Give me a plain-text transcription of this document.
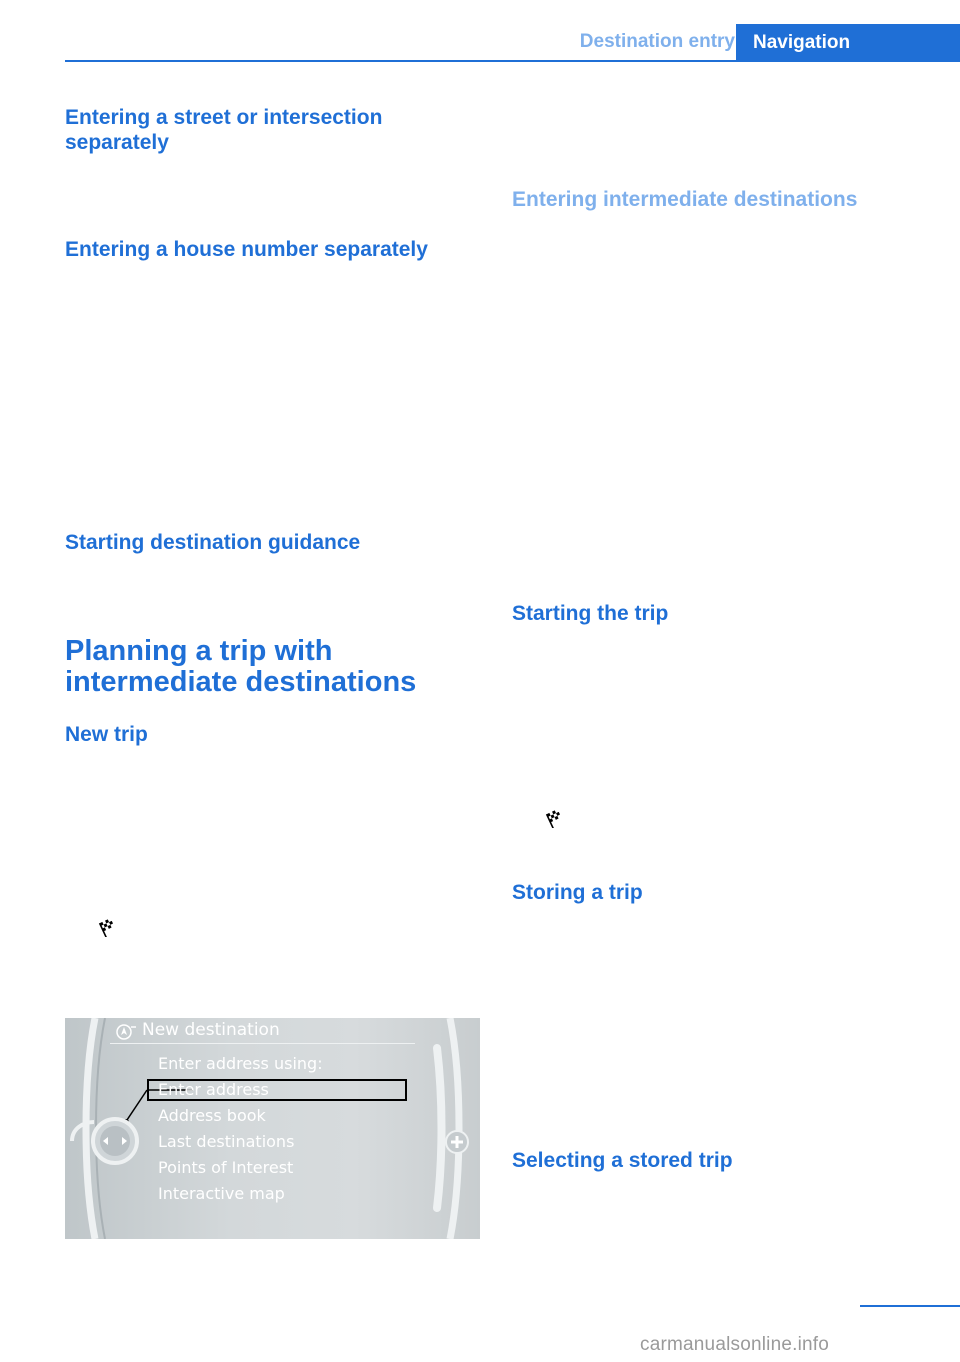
Destination entry Navigation
Entering a street or intersection separately
Entering a house number separately
Starting destination guidance
Planning a trip with intermediate destinations
New trip
New destination
Enter address using:
Enter address
Address book
Last destinations
Points of Interest
Interactive map
Entering intermediate destinations
Starting the trip
Storing a trip
Selecting a stored trip
carmanualsonline.info
